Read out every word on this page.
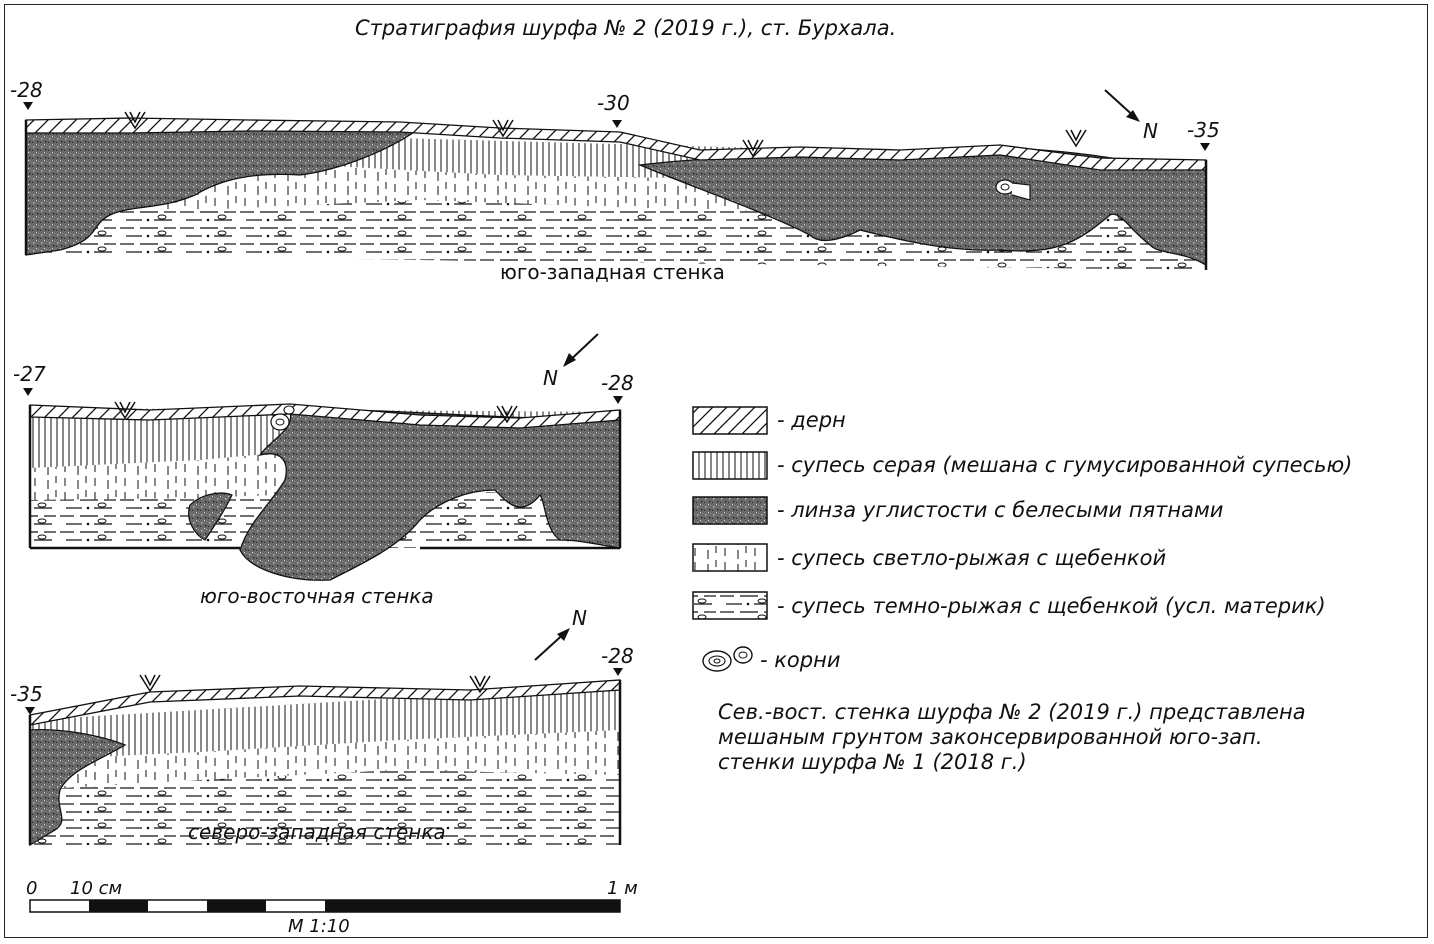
Стратиграфия шурфа № 2 (2019 г.), ст. Бурхала.
-28
-30
-35
N
юго-западная стенка
-27	-28
N
юго-восточная стенка
-35
-28
N
северо-западная стенка
- дерн
- супесь серая (мешана с гумусированной супесью)
- линза углистости с белесыми пятнами
- супесь светло-рыжая с щебенкой
- супесь темно-рыжая с щебенкой (усл. материк)
- корни
Сев.-вост. стенка шурфа № 2 (2019 г.) представлена
мешаным грунтом законсервированной юго-зап.
стенки шурфа № 1 (2018 г.)
0 10 см	1 м
М 1:10
